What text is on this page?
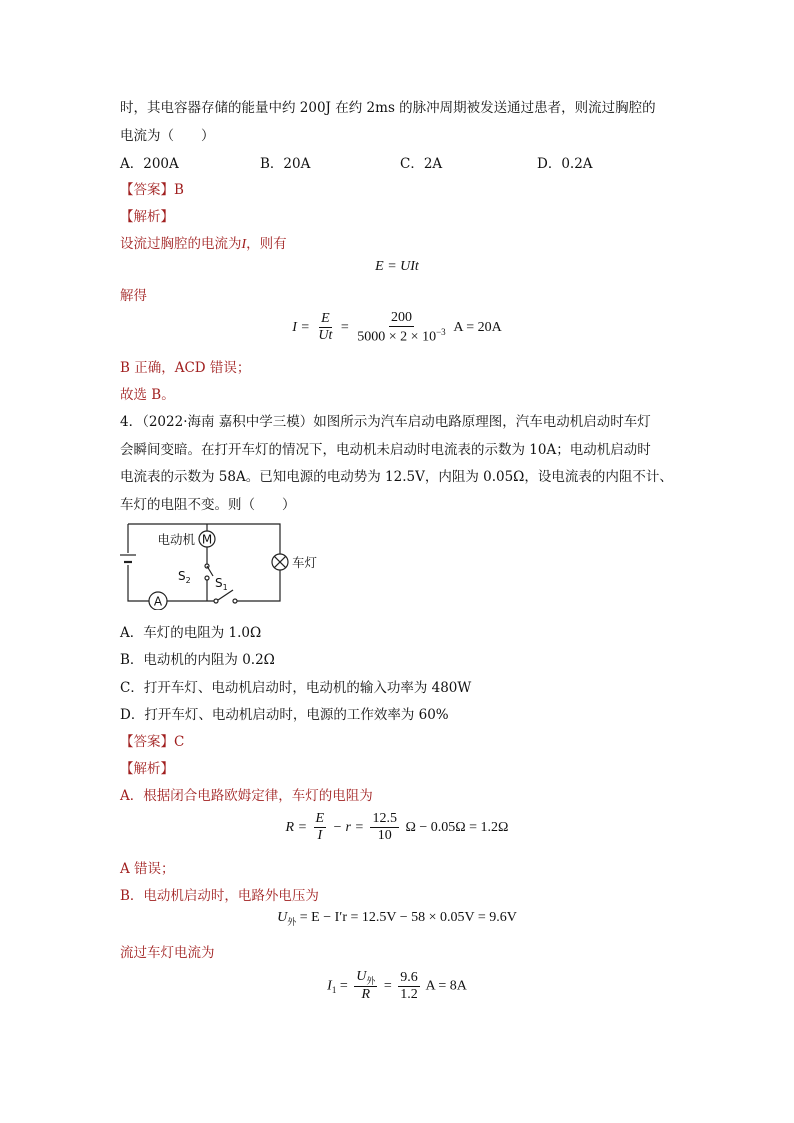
时，其电容器存储的能量中约 200J 在约 2ms 的脉冲周期被发送通过患者，则流过胸腔的
电流为（　　）
A．200A	B．20A	C．2A	D．0.2A
【答案】B
【解析】
设流过胸腔的电流为I，则有
E = UIt
解得
$I = \frac{E}{Ut} = \frac{200}{5000 \times 2 \times 10^{-3}}$ A = 20A
B 正确，ACD 错误；
故选 B。
4．（2022·海南 嘉积中学三模）如图所示为汽车启动电路原理图，汽车电动机启动时车灯
会瞬间变暗。在打开车灯的情况下，电动机未启动时电流表的示数为 10A；电动机启动时
电流表的示数为 58A。已知电源的电动势为 12.5V，内阻为 0.05Ω，设电流表的内阻不计、
车灯的电阻不变。则（　　）
M
电动机
$S_2$ $S_1$
A
车灯
A．车灯的电阻为 1.0Ω
B．电动机的内阻为 0.2Ω
C．打开车灯、电动机启动时，电动机的输入功率为 480W
D．打开车灯、电动机启动时，电源的工作效率为 60%
【答案】C
【解析】
A．根据闭合电路欧姆定律，车灯的电阻为
$R = \frac{E}{I} - r = \frac{12.5}{10}$ Ω − 0.05Ω = 1.2Ω
A 错误；
B．电动机启动时，电路外电压为
$U_外 = E - I'r = 12.5V - 58 \times 0.05V = 9.6V$
流过车灯电流为
$I_1 = \frac{U_外}{R} = \frac{9.6}{1.2}$ A = 8A
